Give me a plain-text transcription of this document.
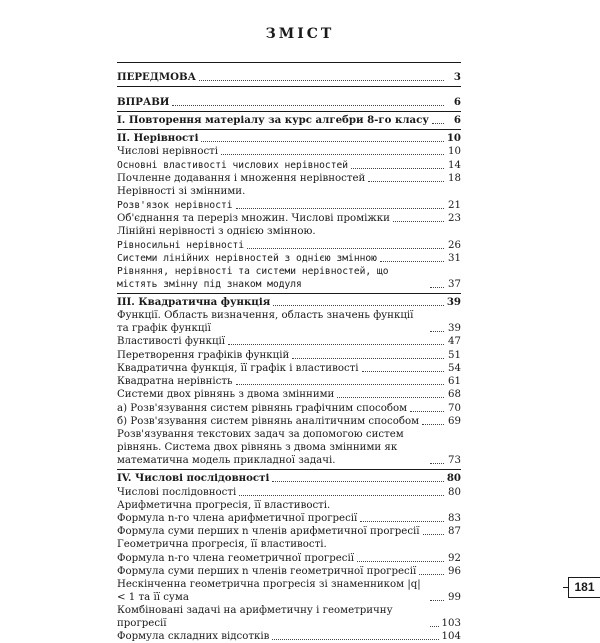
ЗМІСТ
ПЕРЕДМОВА	3
ВПРАВИ	6
I. Повторення матеріалу за курс алгебри 8-го класу	6
II. Нерівності	10
Числові нерівності	10
Основні властивості числових нерівностей	14
Почленне додавання і множення нерівностей	18
Нерівності зі змінними.
Розв'язок нерівності	21
Об'єднання та переріз множин. Числові проміжки	23
Лінійні нерівності з однією змінною.
Рівносильні нерівності	26
Системи лінійних нерівностей з однією змінною	31
Рівняння, нерівності та системи нерівностей, що містять змінну під знаком модуля	37
III. Квадратична функція	39
Функції. Область визначення, область значень функції та графік функції	39
Властивості функції	47
Перетворення графіків функцій	51
Квадратична функція, її графік і властивості	54
Квадратна нерівність	61
Системи двох рівнянь з двома змінними	68
а) Розв'язування систем рівнянь графічним способом	70
б) Розв'язування систем рівнянь аналітичним способом	69
Розв'язування текстових задач за допомогою систем рівнянь. Система двох рівнянь з двома змінними як математична модель прикладної задачі.	73
IV. Числові послідовності	80
Числові послідовності	80
Арифметична прогресія, її властивості.
Формула n-го члена арифметичної прогресії	83
Формула суми перших n членів арифметичної прогресії	87
Геометрична прогресія, її властивості.
Формула n-го члена геометричної прогресії	92
Формула суми перших n членів геометричної прогресії	96
Нескінченна геометрична прогресія зі знаменником |q| < 1 та її сума	99
Комбіновані задачі на арифметичну і геометричну прогресії	103
Формула складних відсотків	104
181
